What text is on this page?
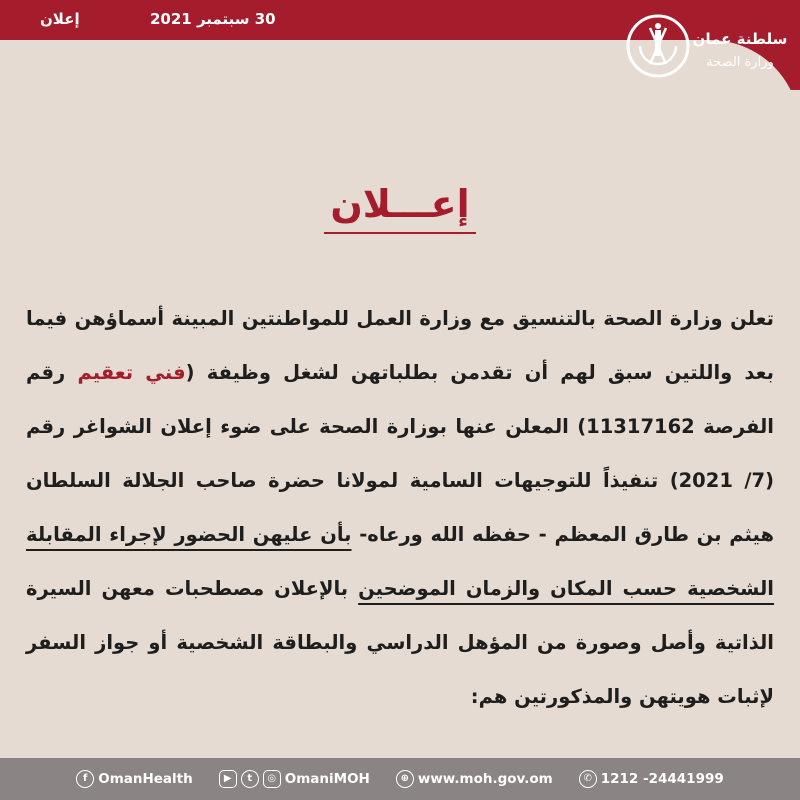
30 سبتمبر 2021
إعلان
سلطنة عمان
وزارة الصحة
إعـــلان
تعلن وزارة الصحة بالتنسيق مع وزارة العمل للمواطنتين المبينة أسماؤهن فيما بعد واللتين سبق لهم أن تقدمن بطلباتهن لشغل وظيفة (فني تعقيم رقم الفرصة 11317162) المعلن عنها بوزارة الصحة على ضوء إعلان الشواغر رقم (7/ 2021) تنفيذاً للتوجيهات السامية لمولانا حضرة صاحب الجلالة السلطان هيثم بن طارق المعظم - حفظه الله ورعاه- بأن عليهن الحضور لإجراء المقابلة الشخصية حسب المكان والزمان الموضحين بالإعلان مصطحبات معهن السيرة الذاتية وأصل وصورة من المؤهل الدراسي والبطاقة الشخصية أو جواز السفر لإثبات هويتهن والمذكورتين هم:
f OmanHealth	▶	t	◎ OmaniMOH	⊕ www.moh.gov.om	✆ 1212 -24441999
